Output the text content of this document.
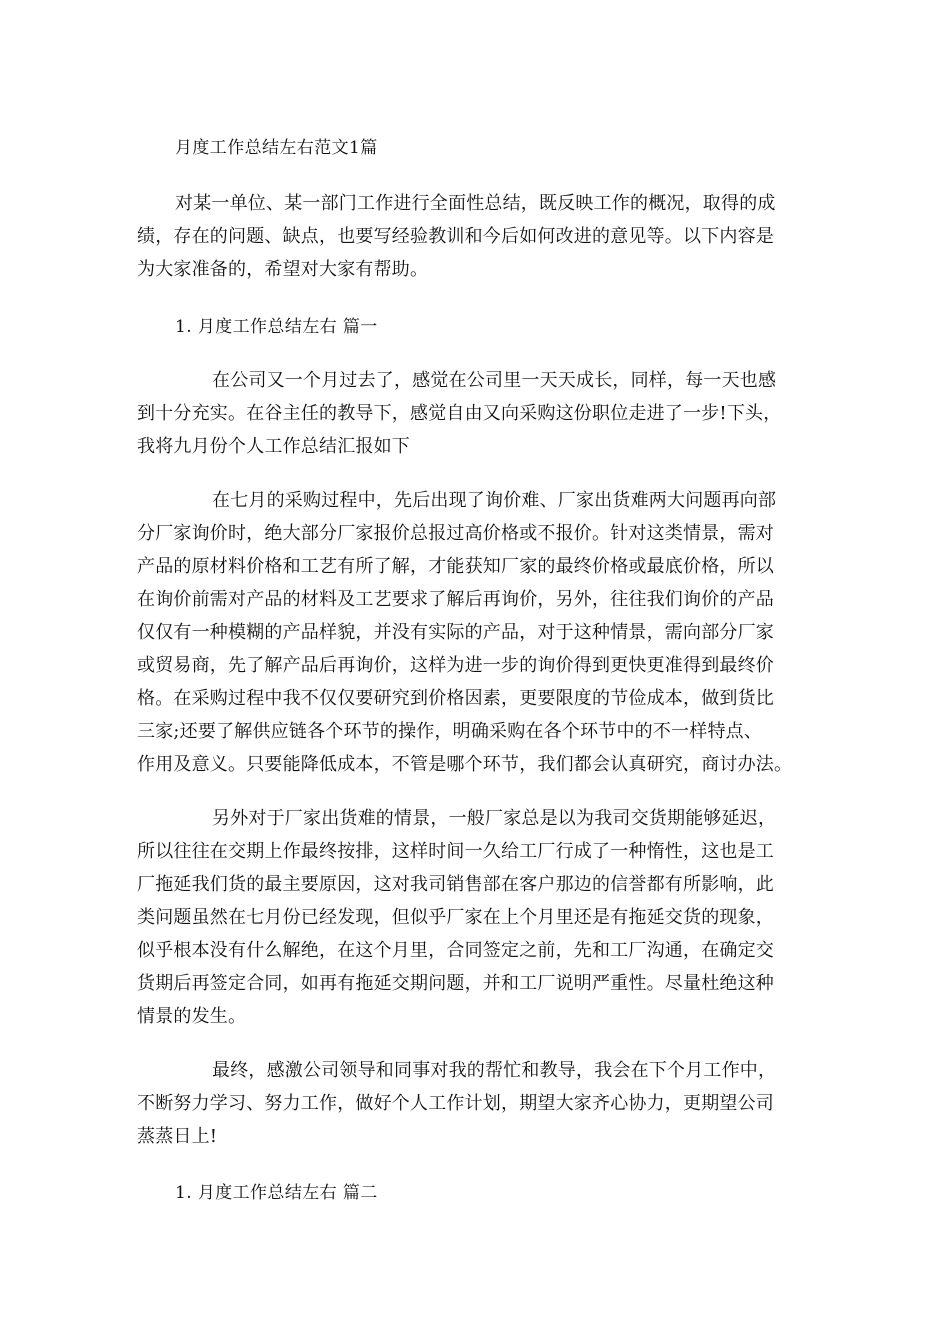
月度工作总结左右范文1篇

对某一单位、某一部门工作进行全面性总结，既反映工作的概况，取得的成

绩，存在的问题、缺点，也要写经验教训和今后如何改进的意见等。以下内容是

为大家准备的，希望对大家有帮助。

1. 月度工作总结左右 篇一

在公司又一个月过去了，感觉在公司里一天天成长，同样，每一天也感

到十分充实。在谷主任的教导下，感觉自由又向采购这份职位走进了一步!下头，

我将九月份个人工作总结汇报如下

在七月的采购过程中，先后出现了询价难、厂家出货难两大问题再向部

分厂家询价时，绝大部分厂家报价总报过高价格或不报价。针对这类情景，需对

产品的原材料价格和工艺有所了解，才能获知厂家的最终价格或最底价格，所以

在询价前需对产品的材料及工艺要求了解后再询价，另外，往往我们询价的产品

仅仅有一种模糊的产品样貌，并没有实际的产品，对于这种情景，需向部分厂家

或贸易商，先了解产品后再询价，这样为进一步的询价得到更快更准得到最终价

格。在采购过程中我不仅仅要研究到价格因素，更要限度的节俭成本，做到货比

三家;还要了解供应链各个环节的操作，明确采购在各个环节中的不一样特点、

作用及意义。只要能降低成本，不管是哪个环节，我们都会认真研究，商讨办法。

另外对于厂家出货难的情景，一般厂家总是以为我司交货期能够延迟，

所以往往在交期上作最终按排，这样时间一久给工厂行成了一种惰性，这也是工

厂拖延我们货的最主要原因，这对我司销售部在客户那边的信誉都有所影响，此

类问题虽然在七月份已经发现，但似乎厂家在上个月里还是有拖延交货的现象，

似乎根本没有什么解绝，在这个月里，合同签定之前，先和工厂沟通，在确定交

货期后再签定合同，如再有拖延交期问题，并和工厂说明严重性。尽量杜绝这种

情景的发生。

最终，感激公司领导和同事对我的帮忙和教导，我会在下个月工作中，

不断努力学习、努力工作，做好个人工作计划，期望大家齐心协力，更期望公司

蒸蒸日上!

1. 月度工作总结左右 篇二
